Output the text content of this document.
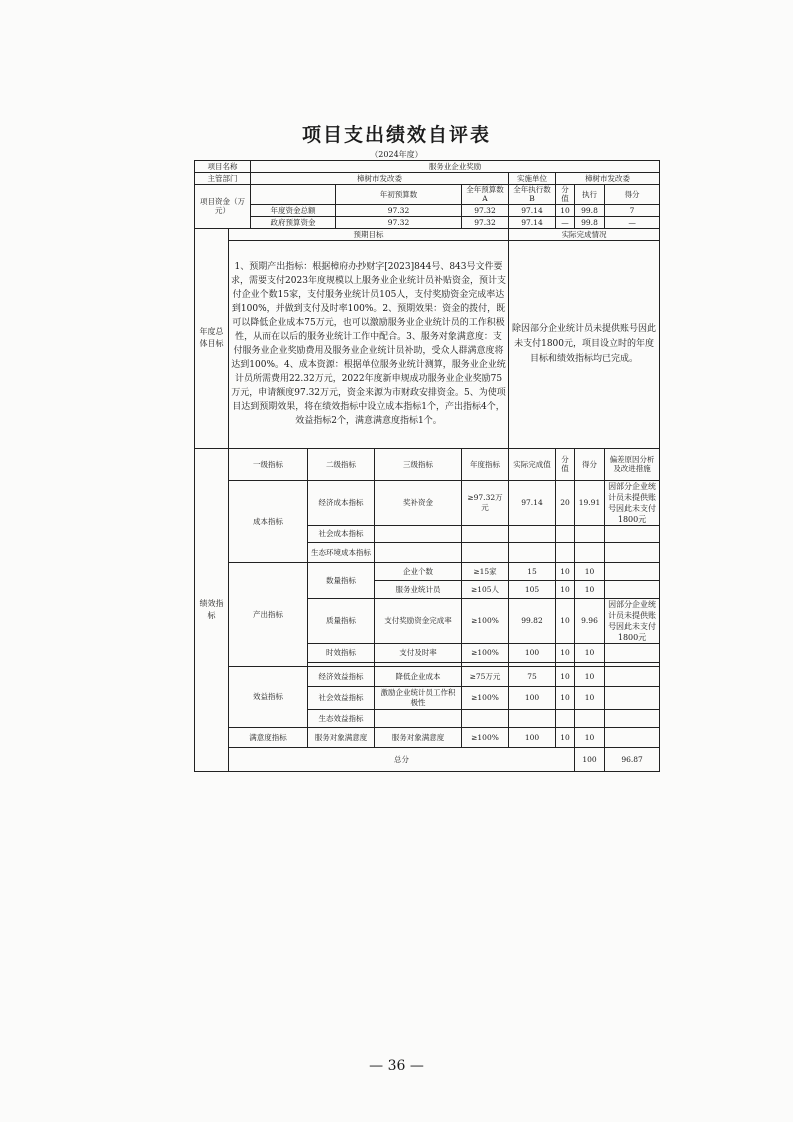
项目支出绩效自评表
（2024年度）
项目名称		服务业企业奖励									
主管部门		樟树市发改委					实施单位	樟树市发改委			
项目资金（万元）				年初预算数		全年预算数A	全年执行数B	分值	执行	得分	
		年度资金总额		97.32		97.32	97.14	10	99.8	7	
		政府预算资金		97.32		97.32	97.14	—	99.8	—	
年度总体目标	预期目标						实际完成情况				
	1、预期产出指标：根据樟府办抄财字[2023]844号、843号文件要求，需要支付2023年度规模以上服务业企业统计员补贴资金，预计支付企业个数15家，支付服务业统计员105人，支付奖励资金完成率达到100%，并做到支付及时率100%。2、预期效果：资金的拨付，既可以降低企业成本75万元，也可以激励服务业企业统计员的工作积极性，从而在以后的服务业统计工作中配合。3、服务对象满意度：支付服务业企业奖励费用及服务业企业统计员补助，受众人群满意度将达到100%。4、成本资源：根据单位服务业统计测算，服务业企业统计员所需费用22.32万元，2022年度新申规成功服务业企业奖励75万元，申请额度97.32万元，资金来源为市财政安排资金。5、为使项目达到预期效果，将在绩效指标中设立成本指标1个，产出指标4个，效益指标2个，满意满意度指标1个。						除因部分企业统计员未提供账号因此未支付1800元，项目设立时的年度目标和绩效指标均已完成。				
绩效指标	一级指标		二级指标		三级指标	年度指标	实际完成值	分值	得分	偏差原因分析及改进措施	
	成本指标		经济成本指标		奖补资金	≥97.32万元	97.14	20	19.91	因部分企业统计员未提供账号因此未支付1800元	
			社会成本指标								
			生态环境成本指标								
	产出指标		数量指标		企业个数	≥15家	15	10	10		
					服务业统计员	≥105人	105	10	10		
			质量指标		支付奖励资金完成率	≥100%	99.82	10	9.96	因部分企业统计员未提供账号因此未支付1800元	
			时效指标		支付及时率	≥100%	100	10	10		

	效益指标		经济效益指标		降低企业成本	≥75万元	75	10	10		
			社会效益指标		激励企业统计员工作积极性	≥100%	100	10	10		
			生态效益指标								
	满意度指标		服务对象满意度		服务对象满意度	≥100%	100	10	10		
	总分								100	96.87	
— 36 —
